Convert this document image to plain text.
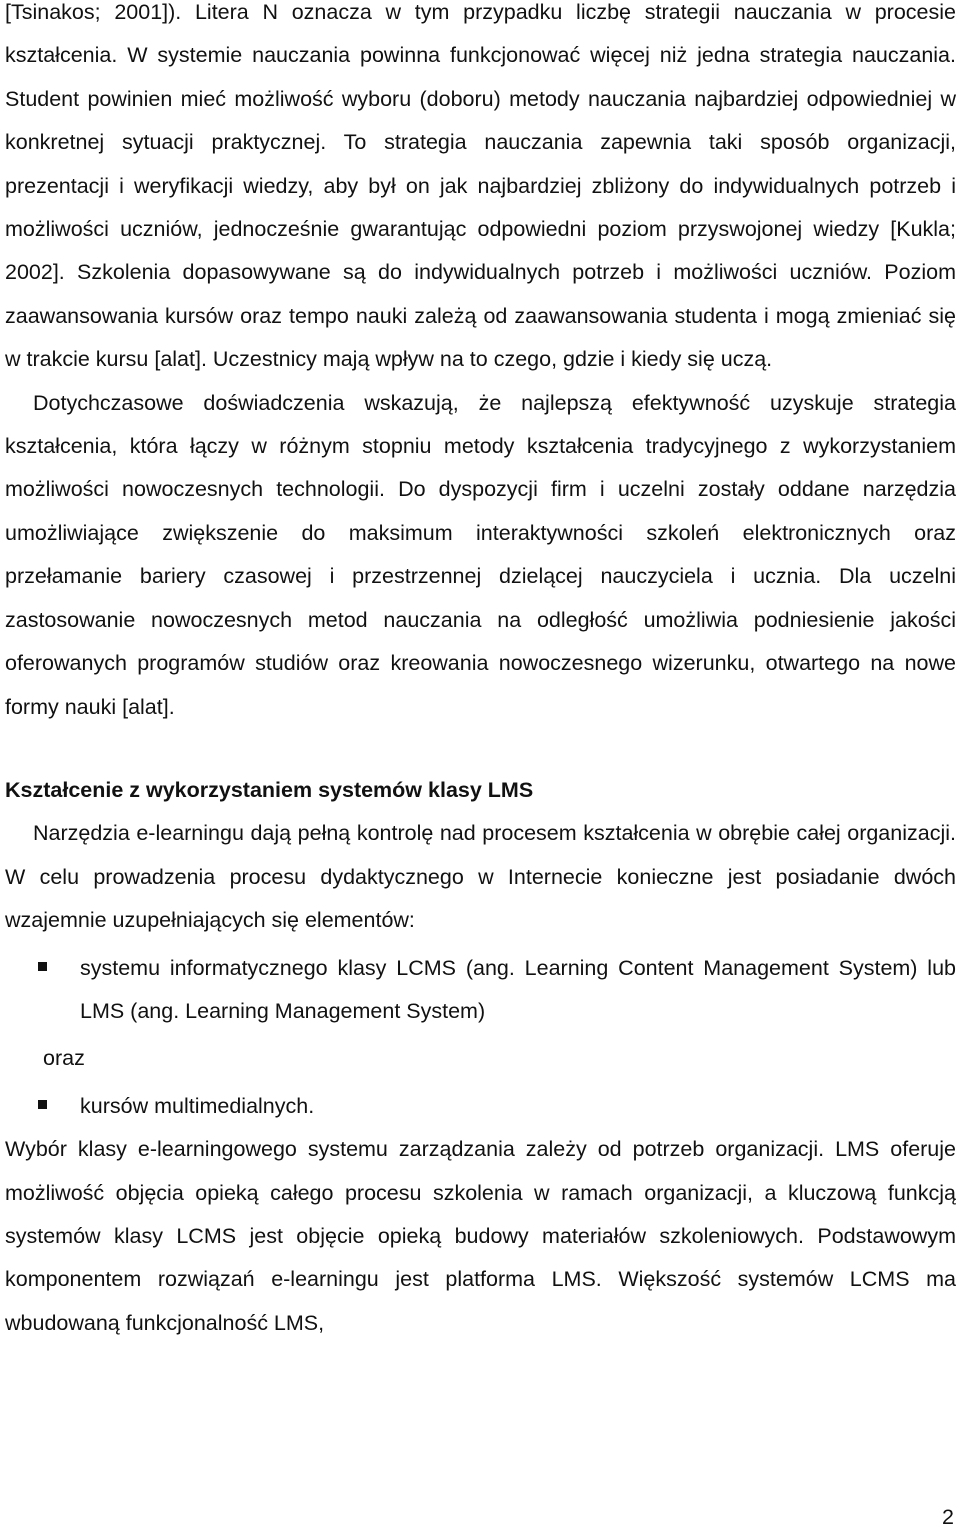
[Tsinakos; 2001]). Litera N oznacza w tym przypadku liczbę strategii nauczania w procesie kształcenia. W systemie nauczania powinna funkcjonować więcej niż jedna strategia nauczania. Student powinien mieć możliwość wyboru (doboru) metody nauczania najbardziej odpowiedniej w konkretnej sytuacji praktycznej. To strategia nauczania zapewnia taki sposób organizacji, prezentacji i weryfikacji wiedzy, aby był on jak najbardziej zbliżony do indywidualnych potrzeb i możliwości uczniów, jednocześnie gwarantując odpowiedni poziom przyswojonej wiedzy [Kukla; 2002]. Szkolenia dopasowywane są do indywidualnych potrzeb i możliwości uczniów. Poziom zaawansowania kursów oraz tempo nauki zależą od zaawansowania studenta i mogą zmieniać się w trakcie kursu [alat]. Uczestnicy mają wpływ na to czego, gdzie i kiedy się uczą.

Dotychczasowe doświadczenia wskazują, że najlepszą efektywność uzyskuje strategia kształcenia, która łączy w różnym stopniu metody kształcenia tradycyjnego z wykorzystaniem możliwości nowoczesnych technologii. Do dyspozycji firm i uczelni zostały oddane narzędzia umożliwiające zwiększenie do maksimum interaktywności szkoleń elektronicznych oraz przełamanie bariery czasowej i przestrzennej dzielącej nauczyciela i ucznia. Dla uczelni zastosowanie nowoczesnych metod nauczania na odległość umożliwia podniesienie jakości oferowanych programów studiów oraz kreowania nowoczesnego wizerunku, otwartego na nowe formy nauki [alat].

Kształcenie z wykorzystaniem systemów klasy LMS

Narzędzia e-learningu dają pełną kontrolę nad procesem kształcenia w obrębie całej organizacji. W celu prowadzenia procesu dydaktycznego w Internecie konieczne jest posiadanie dwóch wzajemnie uzupełniających się elementów:

systemu informatycznego klasy LCMS (ang. Learning Content Management System) lub LMS (ang. Learning Management System)
oraz
kursów multimedialnych.

Wybór klasy e-learningowego systemu zarządzania zależy od potrzeb organizacji. LMS oferuje możliwość objęcia opieką całego procesu szkolenia w ramach organizacji, a kluczową funkcją systemów klasy LCMS jest objęcie opieką budowy materiałów szkoleniowych. Podstawowym komponentem rozwiązań e-learningu jest platforma LMS. Większość systemów LCMS ma wbudowaną funkcjonalność LMS,

2
